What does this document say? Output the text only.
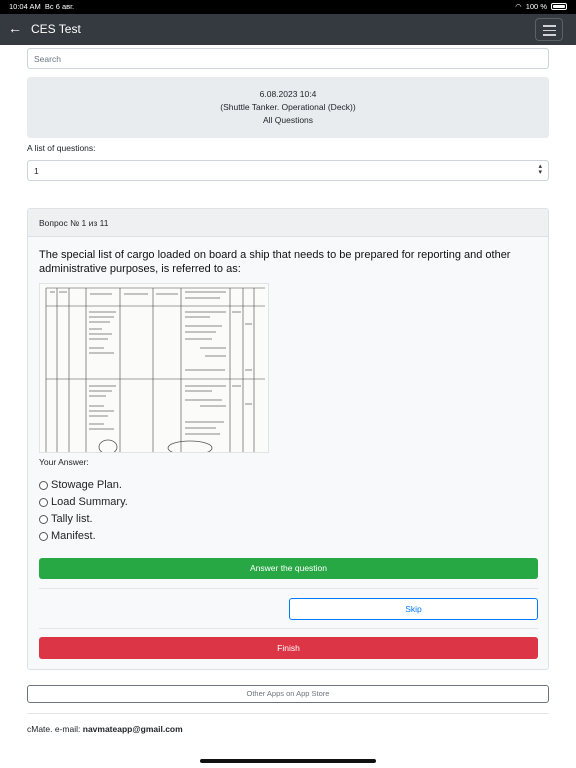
10:04 AM Вс 6 авг.	◠ 100 %
← CES Test
Search
6.08.2023 10:4
(Shuttle Tanker. Operational (Deck))
All Questions
A list of questions:
1	▴
▾
Вопрос № 1 из 11
The special list of cargo loaded on board a ship that needs to be prepared for reporting and other administrative purposes, is referred to as:
Your Answer:
Stowage Plan.
Load Summary.
Tally list.
Manifest.
Answer the question
Skip
Finish
Other Apps on App Store
cMate. e-mail: navmateapp@gmail.com
